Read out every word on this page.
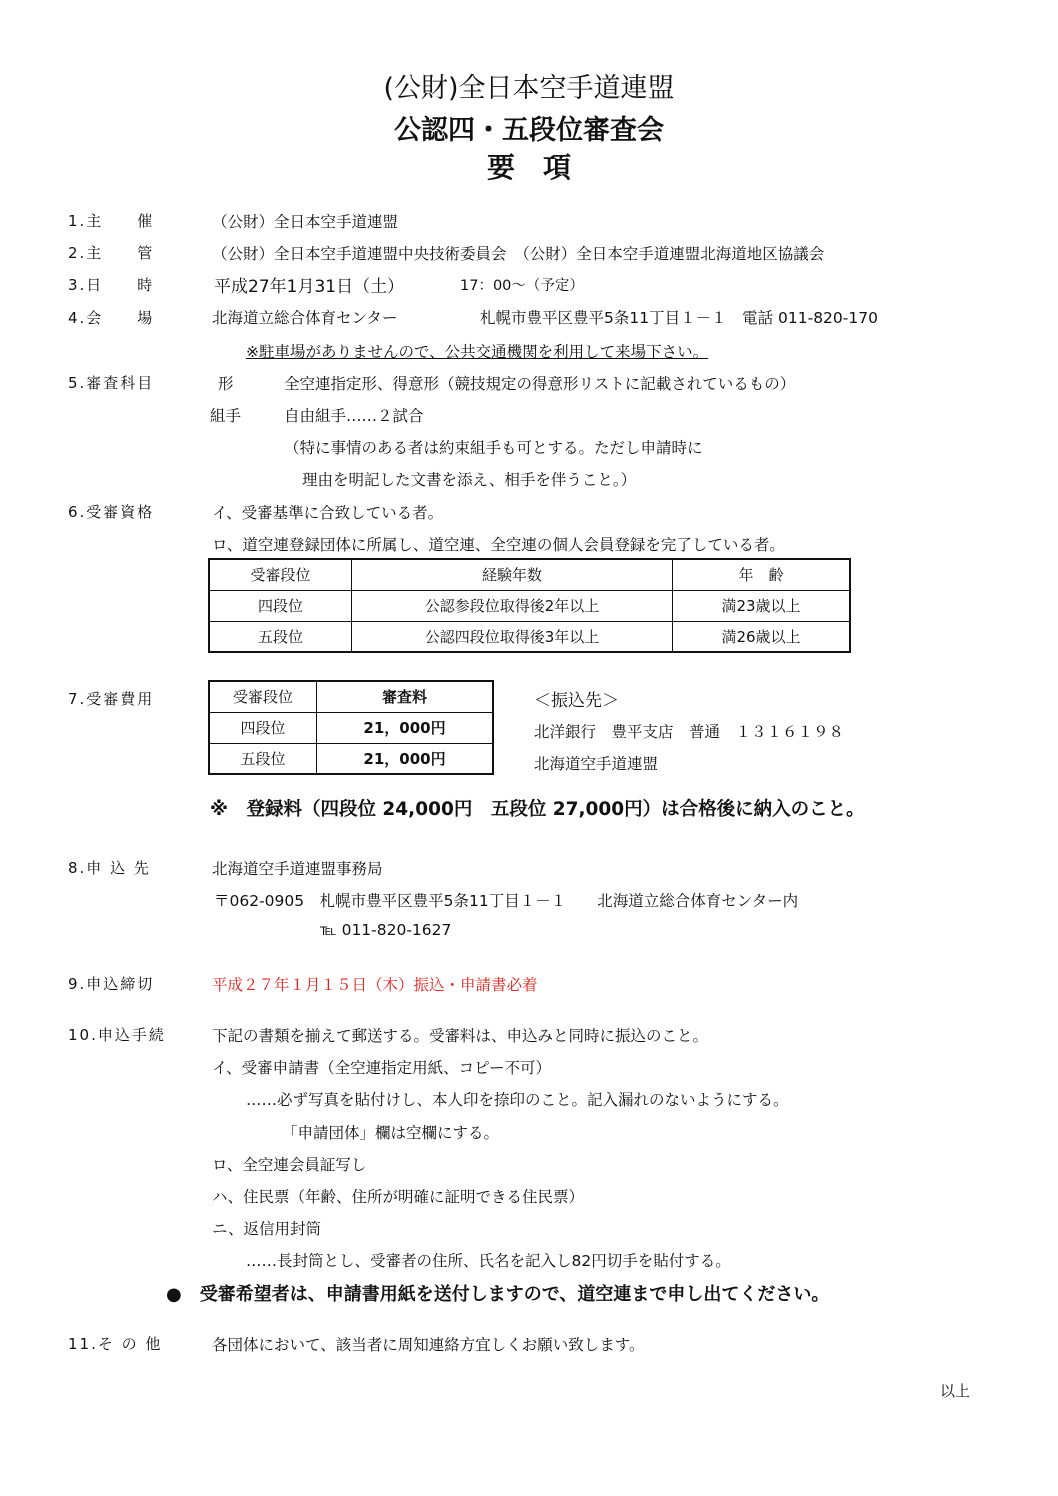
(公財)全日本空手道連盟
公認四・五段位審査会
要　項
1.主　　催	（公財）全日本空手道連盟
2.主　　管	（公財）全日本空手道連盟中央技術委員会　（公財）全日本空手道連盟北海道地区協議会
3.日　　時	平成27年1月31日（土）	17：00～（予定）
4.会　　場	北海道立総合体育センター	札幌市豊平区豊平5条11丁目１－１　電話 011-820-170
※駐車場がありませんので、公共交通機関を利用して来場下さい。
5.審査科目	形	全空連指定形、得意形（競技規定の得意形リストに記載されているもの）
組手	自由組手……２試合
（特に事情のある者は約束組手も可とする。ただし申請時に
理由を明記した文書を添え、相手を伴うこと。）
6.受審資格	イ、受審基準に合致している者。
ロ、道空連登録団体に所属し、道空連、全空連の個人会員登録を完了している者。
受審段位	経験年数	年　齢
四段位	公認参段位取得後2年以上	満23歳以上
五段位	公認四段位取得後3年以上	満26歳以上
7.受審費用	受審段位	審査料
四段位	21，000円
五段位	21，000円
＜振込先＞
北洋銀行　豊平支店　普通　１３１６１９８
北海道空手道連盟
※　登録料（四段位 24,000円　五段位 27,000円）は合格後に納入のこと。
8.申 込 先	北海道空手道連盟事務局
〒062-0905　札幌市豊平区豊平5条11丁目１－１　　北海道立総合体育センター内
℡ 011-820-1627
9.申込締切	平成２７年１月１５日（木）振込・申請書必着
10.申込手続	下記の書類を揃えて郵送する。受審料は、申込みと同時に振込のこと。
イ、受審申請書（全空連指定用紙、コピー不可）
……必ず写真を貼付けし、本人印を捺印のこと。記入漏れのないようにする。
「申請団体」欄は空欄にする。
ロ、全空連会員証写し
ハ、住民票（年齢、住所が明確に証明できる住民票）
ニ、返信用封筒
……長封筒とし、受審者の住所、氏名を記入し82円切手を貼付する。
●　受審希望者は、申請書用紙を送付しますので、道空連まで申し出てください。
11.そ の 他	各団体において、該当者に周知連絡方宜しくお願い致します。
以上
